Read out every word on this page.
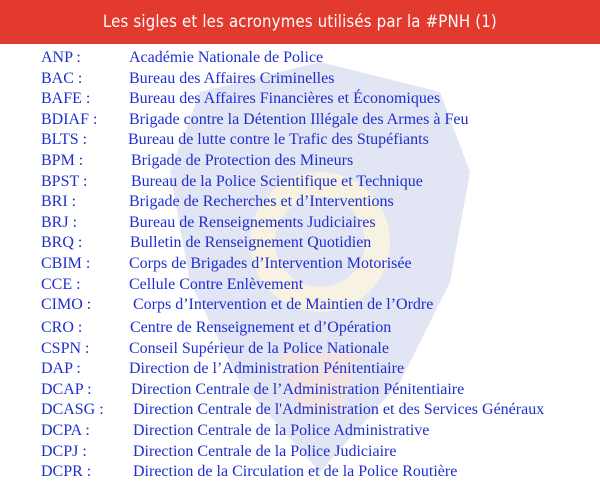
Les sigles et les acronymes utilisés par la #PNH (1)
ANP :	Académie Nationale de Police
BAC :	Bureau des Affaires Criminelles
BAFE : Bureau des Affaires Financières et Économiques
BDIAF : Brigade contre la Détention Illégale des Armes à Feu
BLTS :	Bureau de lutte contre le Trafic des Stupéfiants
BPM :	Brigade de Protection des Mineurs
BPST :	Bureau de la Police Scientifique et Technique
BRI :	Brigade de Recherches et d’Interventions
BRJ :	Bureau de Renseignements Judiciaires
BRQ :	Bulletin de Renseignement Quotidien
CBIM : Corps de Brigades d’Intervention Motorisée
CCE :	Cellule Contre Enlèvement
CIMO :	Corps d’Intervention et de Maintien de l’Ordre
CRO :	Centre de Renseignement et d’Opération
CSPN : Conseil Supérieur de la Police Nationale
DAP :	Direction de l’Administration Pénitentiaire
DCAP : Direction Centrale de l’Administration Pénitentiaire
DCASG : Direction Centrale de l'Administration et des Services Généraux
DCPA :	Direction Centrale de la Police Administrative
DCPJ :	Direction Centrale de la Police Judiciaire
DCPR :	Direction de la Circulation et de la Police Routière
